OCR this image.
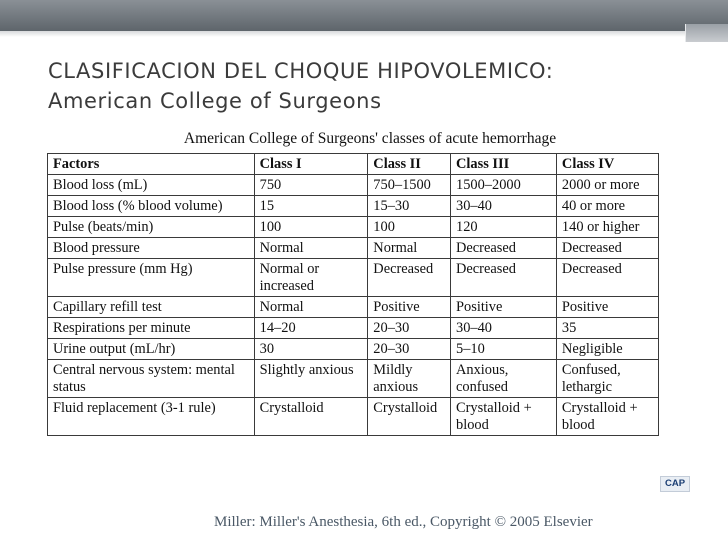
CLASIFICACION DEL CHOQUE HIPOVOLEMICO:
American College of Surgeons
American College of Surgeons' classes of acute hemorrhage
Factors	Class I	Class II	Class III	Class IV
Blood loss (mL)	750	750–1500	1500–2000	2000 or more
Blood loss (% blood volume)	15	15–30	30–40	40 or more
Pulse (beats/min)	100	100	120	140 or higher
Blood pressure	Normal	Normal	Decreased	Decreased
Pulse pressure (mm Hg)	Normal or increased	Decreased	Decreased	Decreased
Capillary refill test	Normal	Positive	Positive	Positive
Respirations per minute	14–20	20–30	30–40	35
Urine output (mL/hr)	30	20–30	5–10	Negligible
Central nervous system: mental status	Slightly anxious	Mildly anxious	Anxious, confused	Confused, lethargic
Fluid replacement (3-1 rule)	Crystalloid	Crystalloid	Crystalloid + blood	Crystalloid + blood
CAP
Miller: Miller's Anesthesia, 6th ed., Copyright © 2005 Elsevier
